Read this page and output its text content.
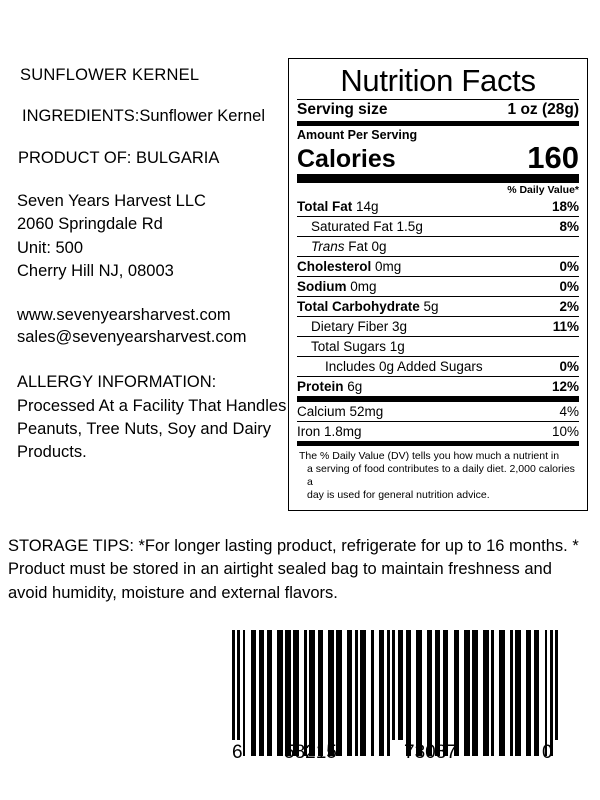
SUNFLOWER KERNEL
INGREDIENTS:Sunflower Kernel
PRODUCT OF: BULGARIA
Seven Years Harvest LLC
2060 Springdale Rd
Unit: 500
Cherry Hill NJ, 08003
www.sevenyearsharvest.com
sales@sevenyearsharvest.com
ALLERGY INFORMATION:
Processed At a Facility That Handles Peanuts, Tree Nuts, Soy and Dairy Products.
STORAGE TIPS: *For longer lasting product, refrigerate for up to 16 months. * Product must be stored in an airtight sealed bag to maintain freshness and avoid humidity, moisture and external flavors.
Nutrition Facts
Serving size	1 oz (28g)
Amount Per Serving
Calories	160
% Daily Value*
Total Fat 14g	18%
Saturated Fat 1.5g	8%
Trans Fat 0g
Cholesterol 0mg	0%
Sodium 0mg	0%
Total Carbohydrate 5g	2%
Dietary Fiber 3g	11%
Total Sugars 1g
Includes 0g Added Sugars	0%
Protein 6g	12%
Calcium 52mg	4%
Iron 1.8mg	10%
The % Daily Value (DV) tells you how much a nutrient in
a serving of food contributes to a daily diet. 2,000 calories a
day is used for general nutrition advice.
6 58215	73087	0
